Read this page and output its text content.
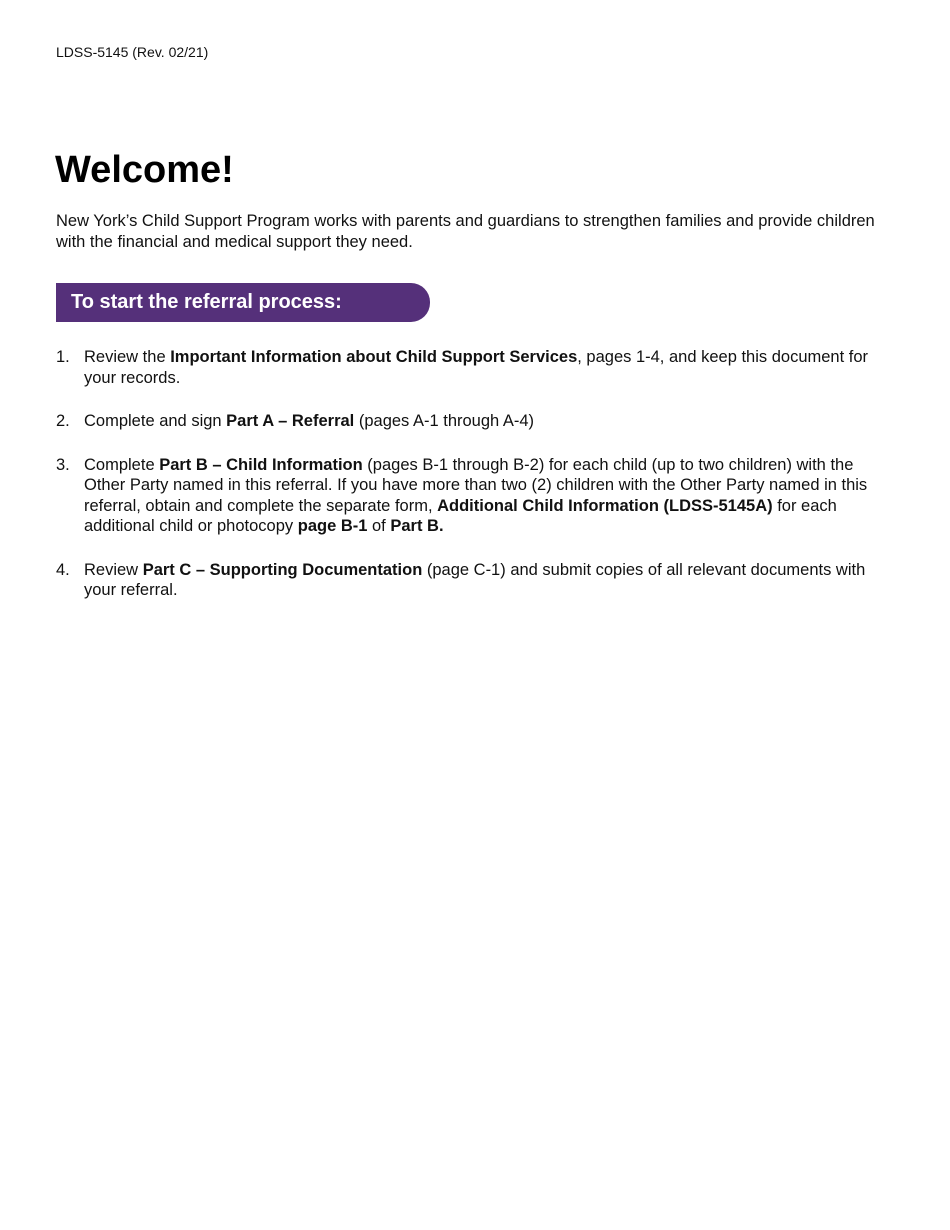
LDSS-5145 (Rev. 02/21)
Welcome!

New York’s Child Support Program works with parents and guardians to strengthen families and provide children with the financial and medical support they need.

To start the referral process:
1. Review the Important Information about Child Support Services, pages 1-4, and keep this document for your records.
2. Complete and sign Part A – Referral (pages A-1 through A-4)
3. Complete Part B – Child Information (pages B-1 through B-2) for each child (up to two children) with the Other Party named in this referral. If you have more than two (2) children with the Other Party named in this referral, obtain and complete the separate form, Additional Child Information (LDSS-5145A) for each additional child or photocopy page B-1 of Part B.
4. Review Part C – Supporting Documentation (page C-1) and submit copies of all relevant documents with your referral.
